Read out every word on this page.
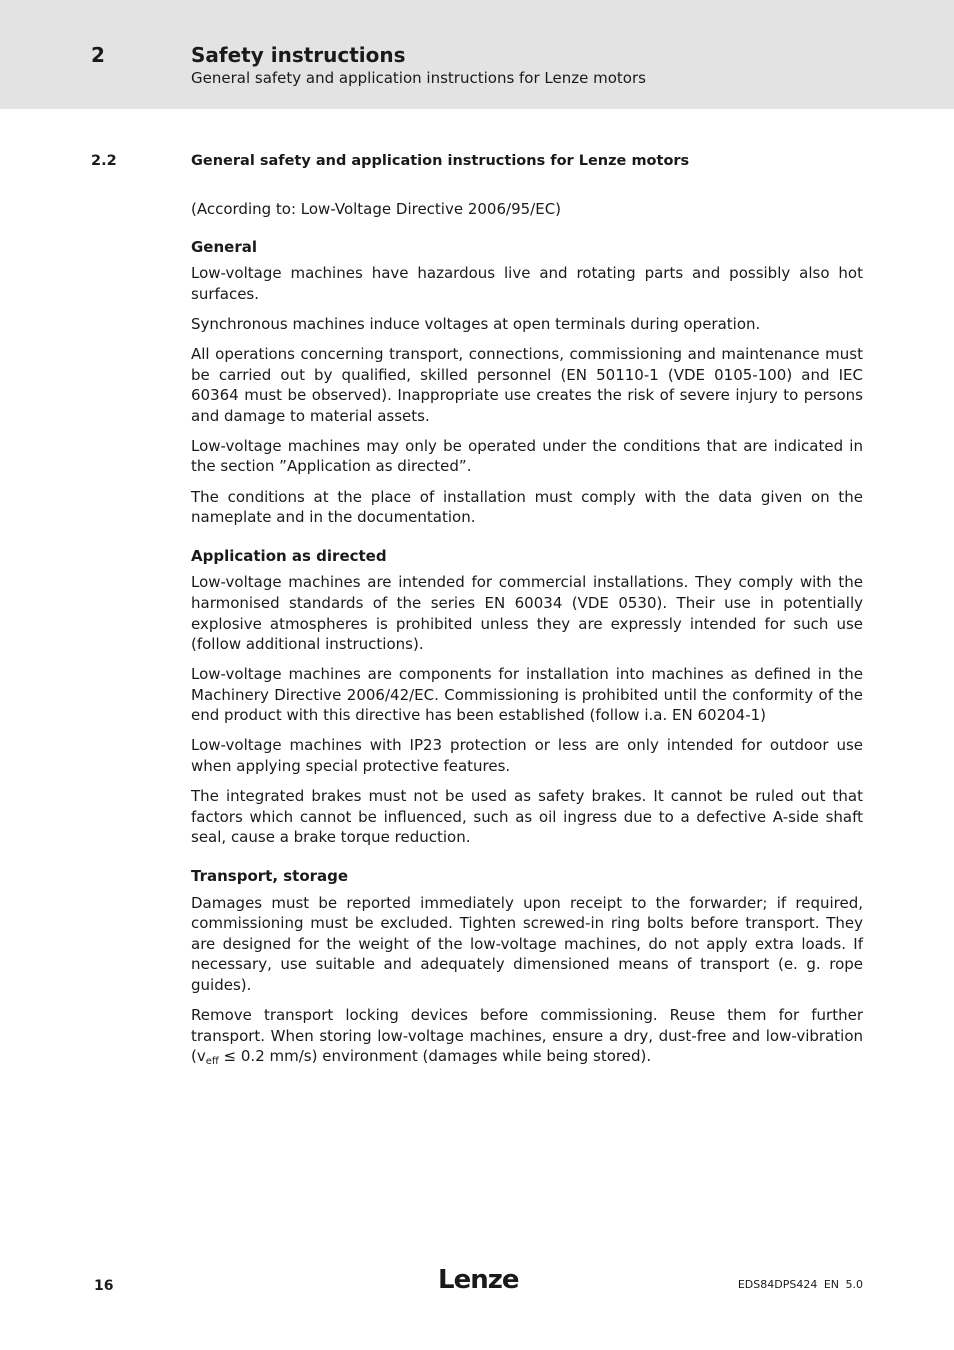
2	Safety instructions
General safety and application instructions for Lenze motors
2.2	General safety and application instructions for Lenze motors

(According to: Low-Voltage Directive 2006/95/EC)

General

Low-voltage machines have hazardous live and rotating parts and possibly also hot surfaces.

Synchronous machines induce voltages at open terminals during operation.

All operations concerning transport, connections, commissioning and maintenance must be carried out by qualified, skilled personnel (EN 50110-1 (VDE 0105-100) and IEC 60364 must be observed). Inappropriate use creates the risk of severe injury to persons and damage to material assets.

Low-voltage machines may only be operated under the conditions that are indicated in the section ”Application as directed”.

The conditions at the place of installation must comply with the data given on the nameplate and in the documentation.

Application as directed

Low-voltage machines are intended for commercial installations. They comply with the harmonised standards of the series EN 60034 (VDE 0530). Their use in potentially explosive atmospheres is prohibited unless they are expressly intended for such use (follow additional instructions).

Low-voltage machines are components for installation into machines as defined in the Machinery Directive 2006/42/EC. Commissioning is prohibited until the conformity of the end product with this directive has been established (follow i.a. EN 60204-1)

Low-voltage machines with IP23 protection or less are only intended for outdoor use when applying special protective features.

The integrated brakes must not be used as safety brakes. It cannot be ruled out that factors which cannot be influenced, such as oil ingress due to a defective A-side shaft seal, cause a brake torque reduction.

Transport, storage

Damages must be reported immediately upon receipt to the forwarder; if required, commissioning must be excluded. Tighten screwed-in ring bolts before transport. They are designed for the weight of the low-voltage machines, do not apply extra loads. If necessary, use suitable and adequately dimensioned means of transport (e. g. rope guides).

Remove transport locking devices before commissioning. Reuse them for further transport. When storing low-voltage machines, ensure a dry, dust-free and low-vibration ($v_{eff} \le 0.2$ mm/s) environment (damages while being stored).

16	Lenze	EDS84DPS424 EN 5.0
